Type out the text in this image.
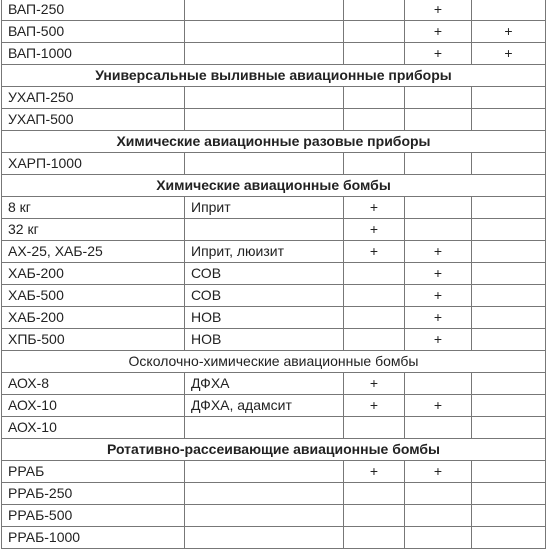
ВАП-250			+	
ВАП-500			+	+
ВАП-1000			+	+
Универсальные выливные авиационные приборы				
УХАП-250				
УХАП-500				
Химические авиационные разовые приборы				
ХАРП-1000				
Химические авиационные бомбы				
8 кг	Иприт	+		
32 кг		+		
АХ-25, ХАБ-25	Иприт, люизит	+	+	
ХАБ-200	СОВ		+	
ХАБ-500	СОВ		+	
ХАБ-200	НОВ		+	
ХПБ-500	НОВ		+	
Осколочно-химические авиационные бомбы				
АОХ-8	ДФХА	+		
АОХ-10	ДФХА, адамсит	+	+	
АОХ-10				
Ротативно-рассеивающие авиационные бомбы				
РРАБ		+	+	
РРАБ-250				
РРАБ-500				
РРАБ-1000				
